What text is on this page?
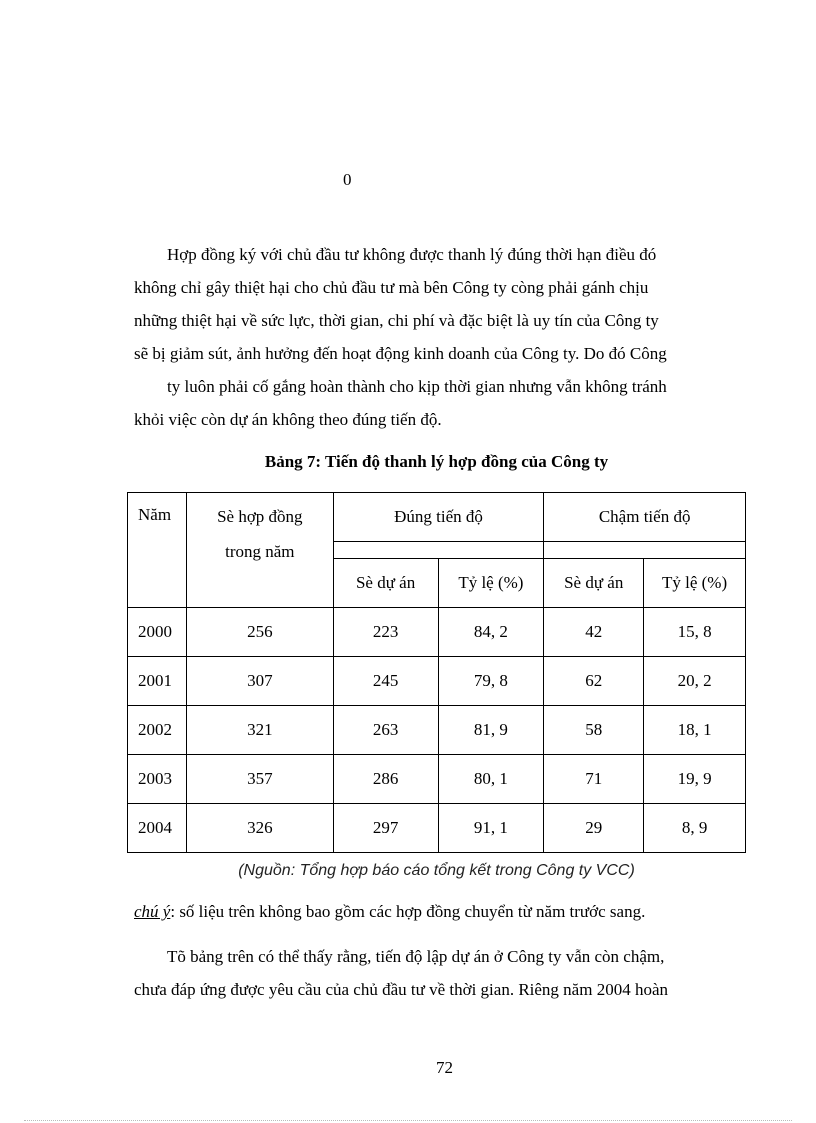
0
Hợp đồng ký với chủ đầu tư không được thanh lý đúng thời hạn điều đó
không chỉ gây thiệt hại cho chủ đầu tư mà bên Công ty còng phải gánh chịu
những thiệt hại về sức lực, thời gian, chi phí và đặc biệt là uy tín của Công ty
sẽ bị giảm sút, ảnh hưởng đến hoạt động kinh doanh của Công ty. Do đó Công
ty luôn phải cố gắng hoàn thành cho kịp thời gian nhưng vẫn không tránh
khỏi việc còn dự án không theo đúng tiến độ.
Bảng 7: Tiến độ thanh lý hợp đồng của Công ty
Năm	Sè hợp đồng	Đúng tiến độ		Chậm tiến độ	
	trong năm				
		Sè dự án	Tỷ lệ (%)	Sè dự án	Tỷ lệ (%)
2000	256	223	84, 2	42	15, 8
2001	307	245	79, 8	62	20, 2
2002	321	263	81, 9	58	18, 1
2003	357	286	80, 1	71	19, 9
2004	326	297	91, 1	29	8, 9
(Nguồn: Tổng hợp báo cáo tổng kết trong Công ty VCC)
chú ý: số liệu trên không bao gồm các hợp đồng chuyển từ năm trước sang.
Tõ bảng trên có thể thấy rằng, tiến độ lập dự án ở Công ty vẫn còn chậm,
chưa đáp ứng được yêu cầu của chủ đầu tư về thời gian. Riêng năm 2004 hoàn
72
